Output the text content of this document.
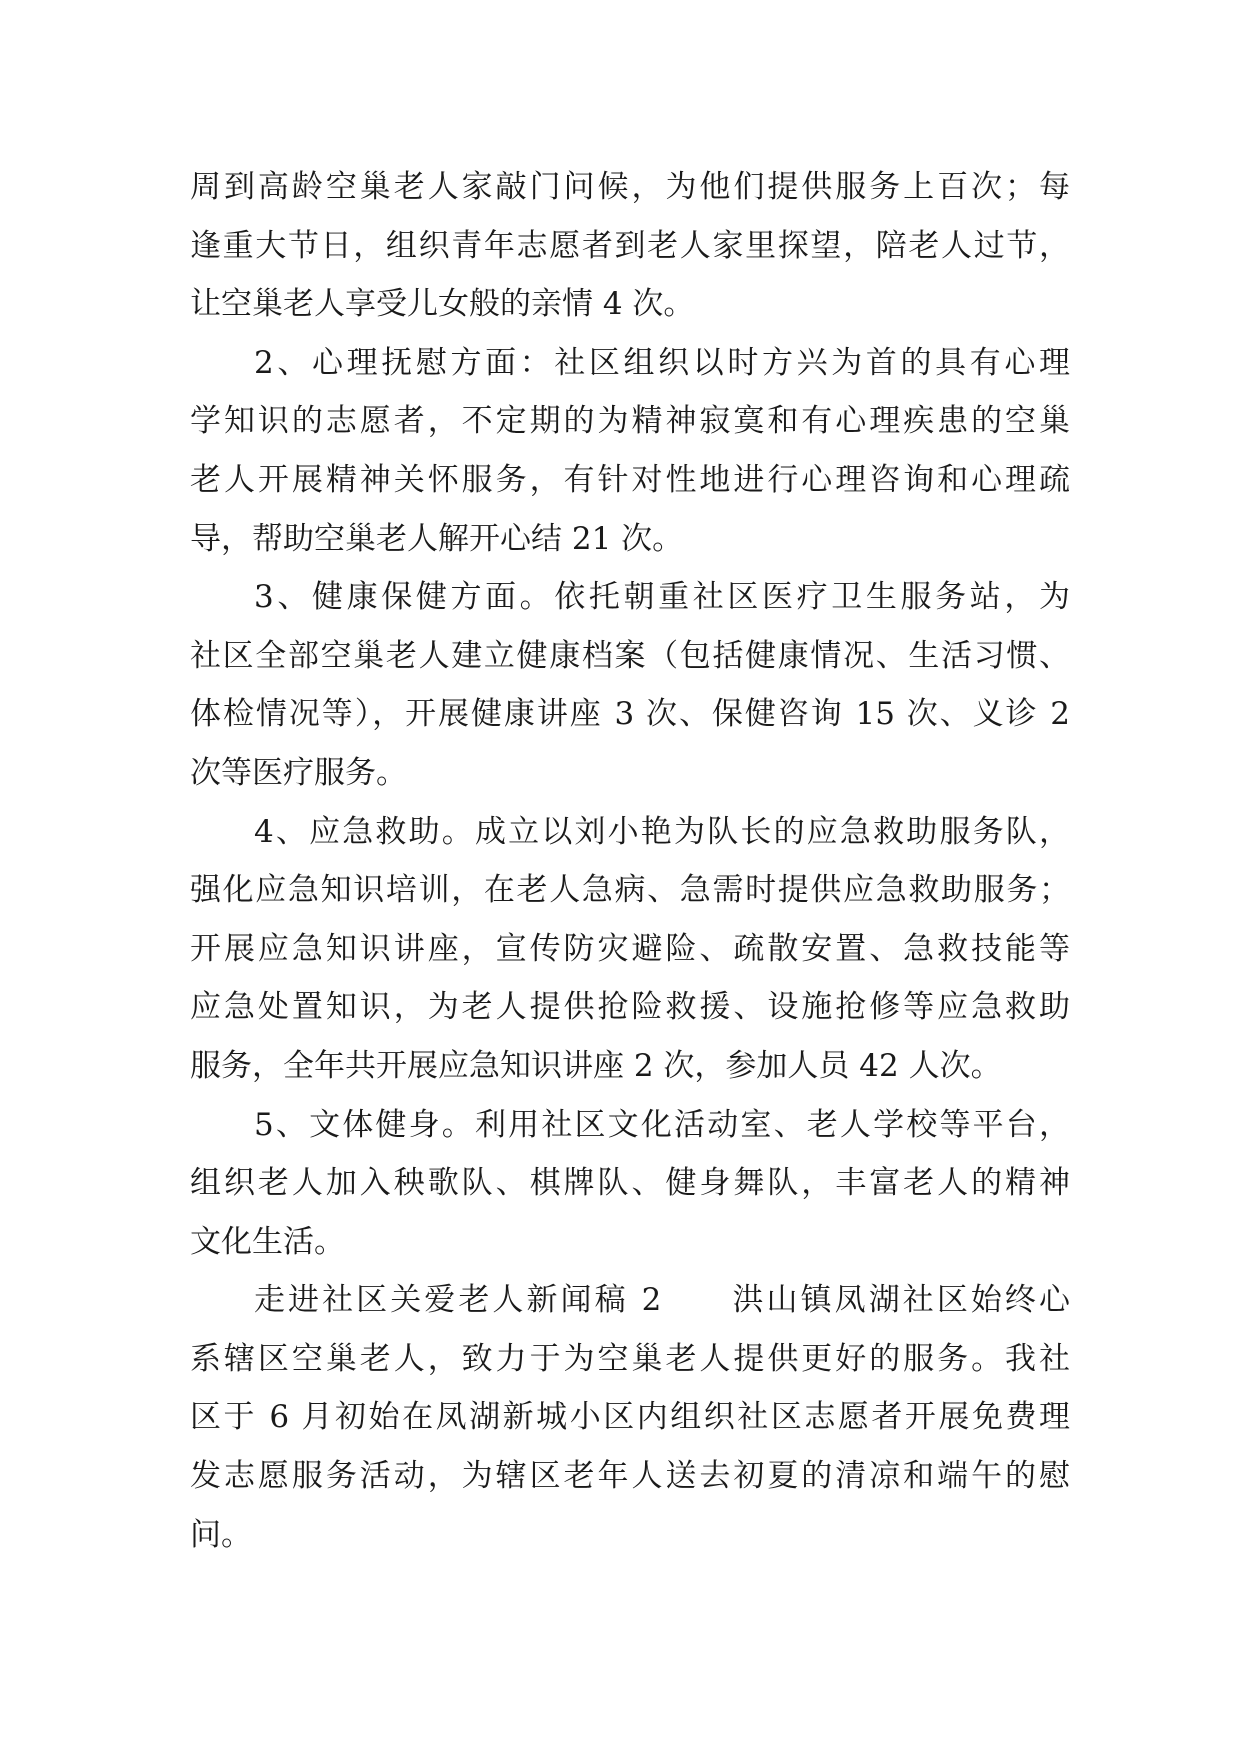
周到高龄空巢老人家敲门问候，为他们提供服务上百次；每
逢重大节日，组织青年志愿者到老人家里探望，陪老人过节，
让空巢老人享受儿女般的亲情 4 次。
2、心理抚慰方面：社区组织以时方兴为首的具有心理
学知识的志愿者，不定期的为精神寂寞和有心理疾患的空巢
老人开展精神关怀服务，有针对性地进行心理咨询和心理疏
导，帮助空巢老人解开心结 21 次。
3、健康保健方面。依托朝重社区医疗卫生服务站，为
社区全部空巢老人建立健康档案（包括健康情况、生活习惯、
体检情况等），开展健康讲座 3 次、保健咨询 15 次、义诊 2
次等医疗服务。
4、应急救助。成立以刘小艳为队长的应急救助服务队，
强化应急知识培训，在老人急病、急需时提供应急救助服务；
开展应急知识讲座，宣传防灾避险、疏散安置、急救技能等
应急处置知识，为老人提供抢险救援、设施抢修等应急救助
服务，全年共开展应急知识讲座 2 次，参加人员 42 人次。
5、文体健身。利用社区文化活动室、老人学校等平台，
组织老人加入秧歌队、棋牌队、健身舞队，丰富老人的精神
文化生活。
走进社区关爱老人新闻稿 2　　洪山镇凤湖社区始终心
系辖区空巢老人，致力于为空巢老人提供更好的服务。我社
区于 6 月初始在凤湖新城小区内组织社区志愿者开展免费理
发志愿服务活动，为辖区老年人送去初夏的清凉和端午的慰
问。
